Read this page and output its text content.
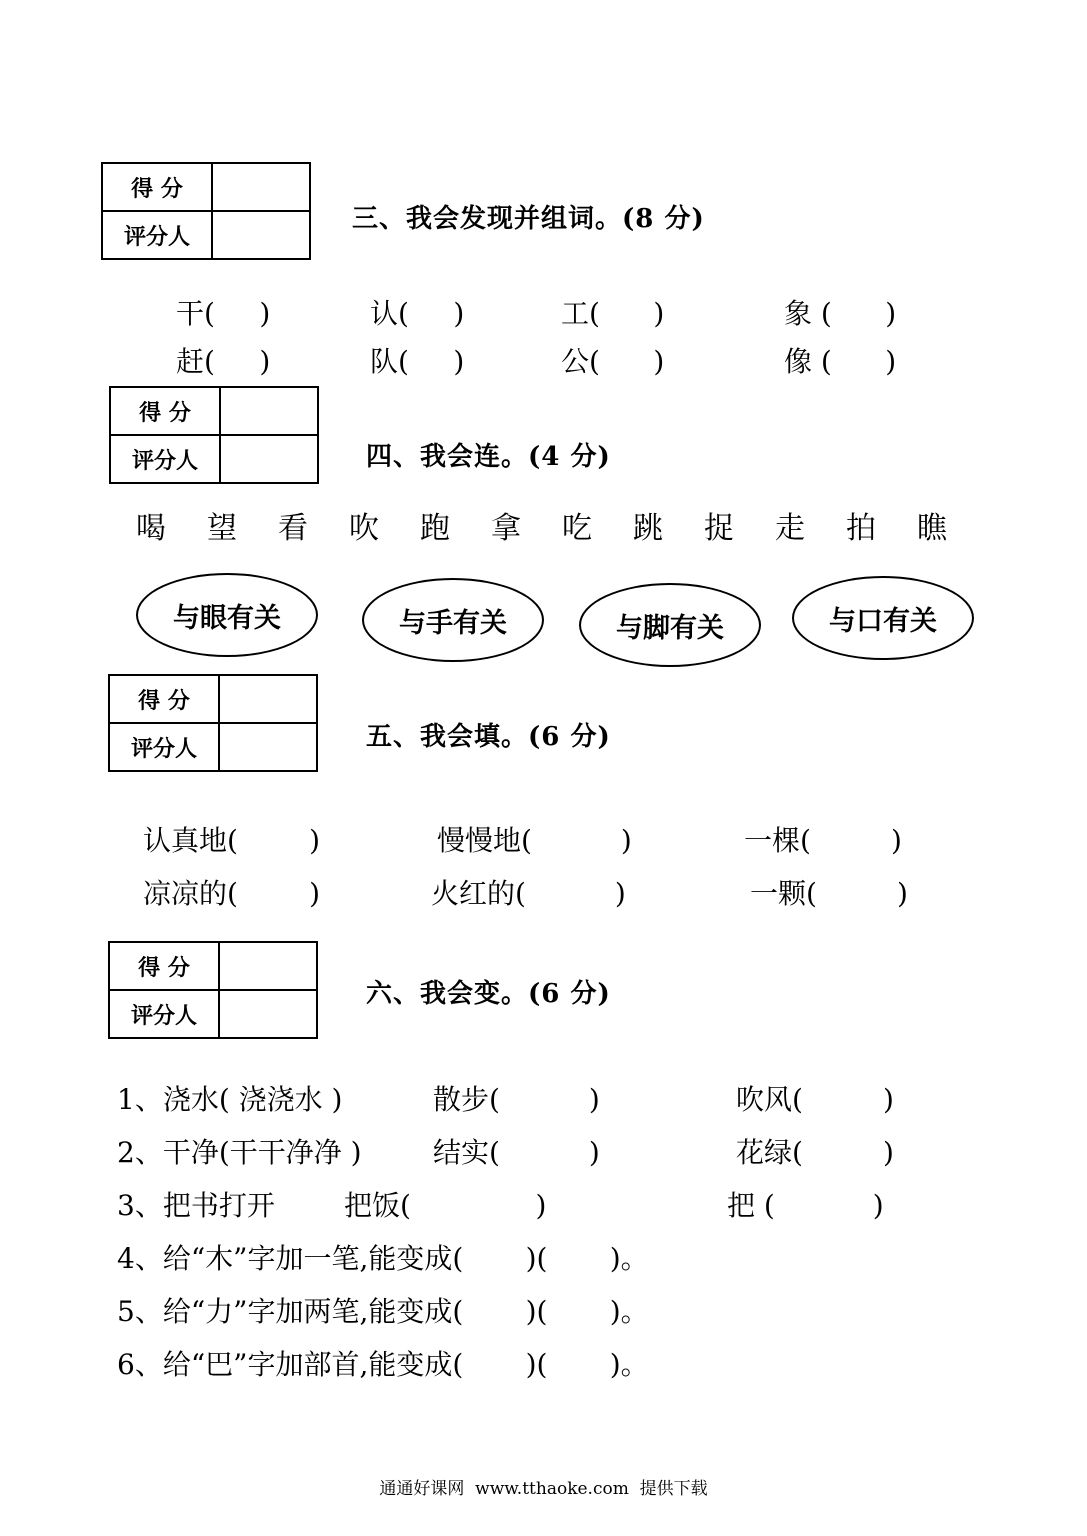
得 分	
评分人	
三、我会发现并组词。(8 分)
干(     )	认(     )	工(      )	象 (      )
赶(     )	队(     )	公(      )	像 (      )
得 分	
评分人		四、我会连。(4 分)
喝 望 看 吹 跑 拿 吃 跳 捉 走 拍 瞧
与眼有关	与手有关	与脚有关	与口有关
得 分	
评分人		五、我会填。(6 分)
认真地(        )	慢慢地(          )	一棵(         )
凉凉的(        )	火红的(          )	一颗(         )
得 分	
评分人	
六、我会变。(6 分)
1、浇水( 浇浇水 )	散步(          )	吹风(         )
2、干净(干干净净 )	结实(          )	花绿(         )
3、把书打开 把饭(              )	把 (           )
4、给“木”字加一笔,能变成(       )(       )。
5、给“力”字加两笔,能变成(       )(       )。
6、给“巴”字加部首,能变成(       )(       )。
通通好课网  www.tthaoke.com  提供下载
